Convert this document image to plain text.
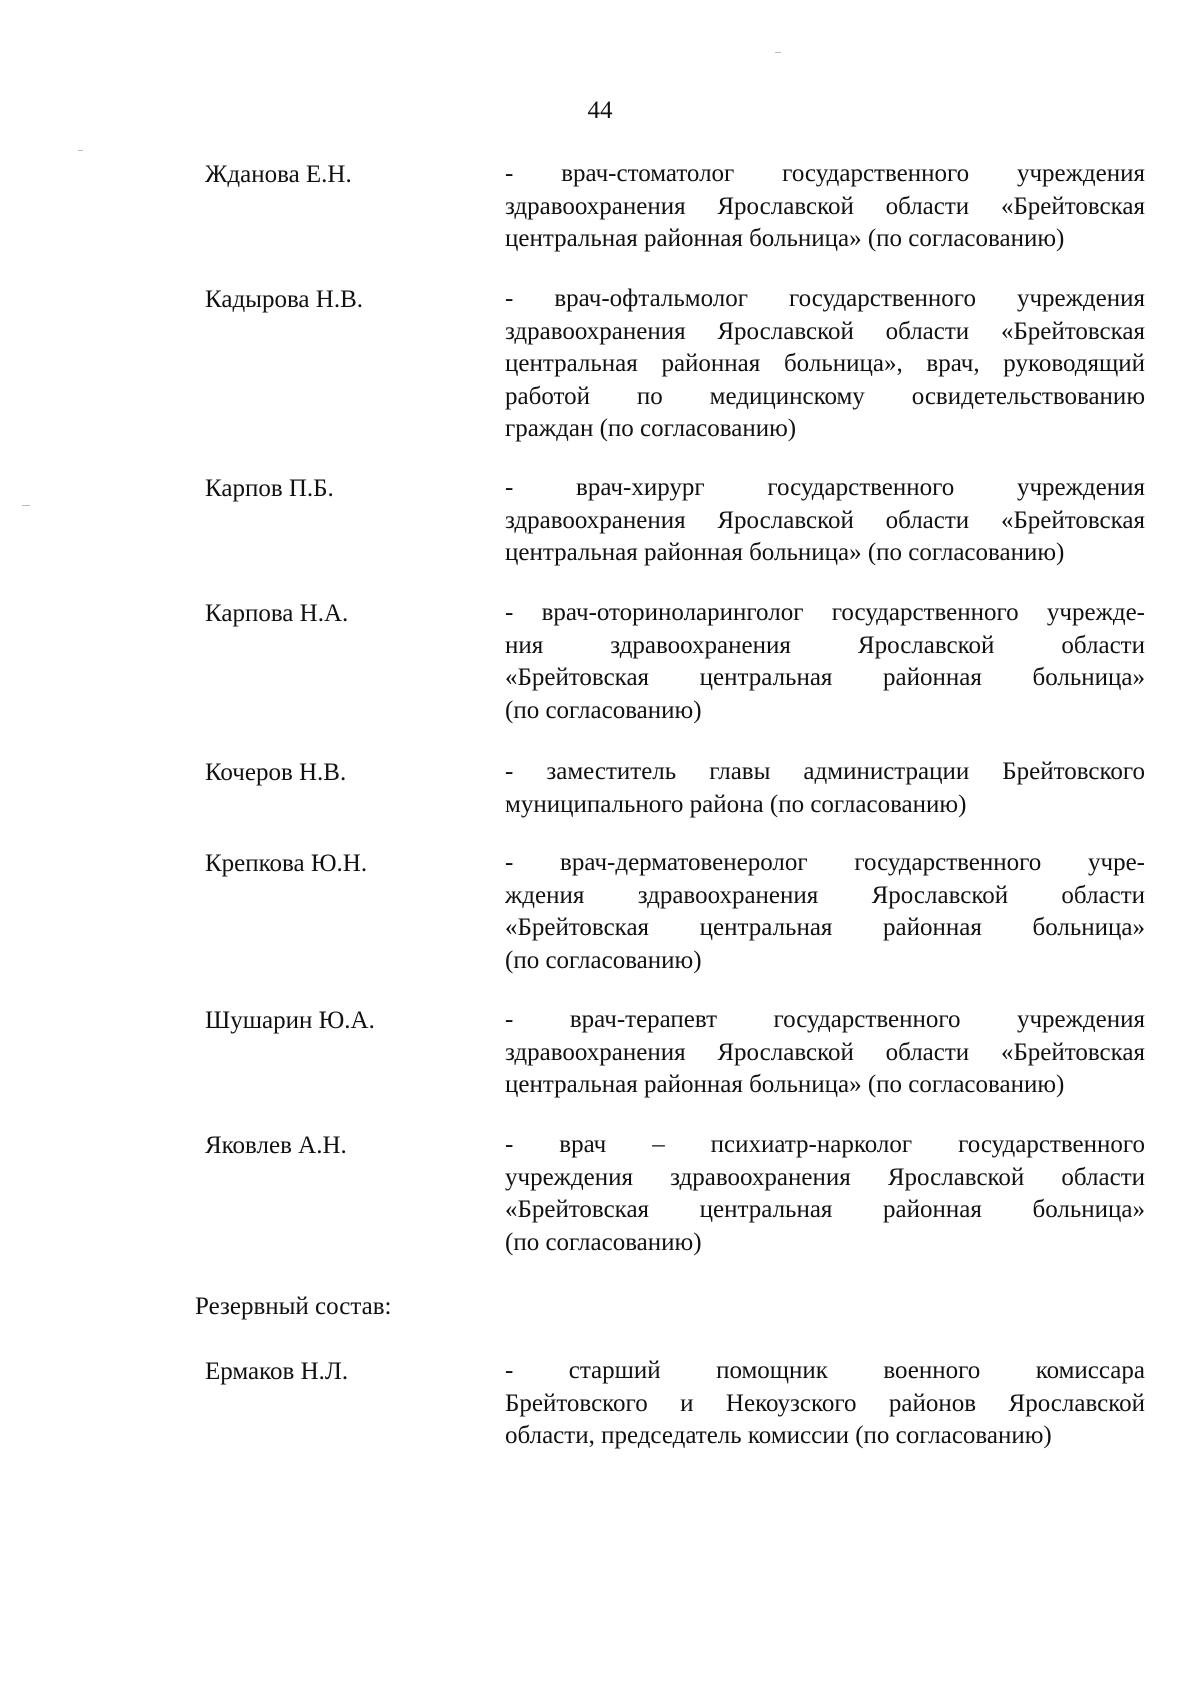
44
Жданова Е.Н.	- врач-стоматолог государственного учреждения
здравоохранения Ярославской области «Брейтовская
центральная районная больница» (по согласованию)
Кадырова Н.В.	- врач-офтальмолог государственного учреждения
здравоохранения Ярославской области «Брейтовская
центральная районная больница», врач, руководящий
работой по медицинскому освидетельствованию
граждан (по согласованию)
Карпов П.Б.	- врач-хирург государственного учреждения
здравоохранения Ярославской области «Брейтовская
центральная районная больница» (по согласованию)
Карпова Н.А.	- врач-оториноларинголог государственного учрежде-
ния здравоохранения Ярославской области
«Брейтовская центральная районная больница»
(по согласованию)
Кочеров Н.В.	- заместитель главы администрации Брейтовского
муниципального района (по согласованию)
Крепкова Ю.Н.	- врач-дерматовенеролог государственного учре-
ждения здравоохранения Ярославской области
«Брейтовская центральная районная больница»
(по согласованию)
Шушарин Ю.А.	- врач-терапевт государственного учреждения
здравоохранения Ярославской области «Брейтовская
центральная районная больница» (по согласованию)
Яковлев А.Н.	- врач – психиатр-нарколог государственного
учреждения здравоохранения Ярославской области
«Брейтовская центральная районная больница»
(по согласованию)
Резервный состав:
Ермаков Н.Л.	- старший помощник военного комиссара
Брейтовского и Некоузского районов Ярославской
области, председатель комиссии (по согласованию)
